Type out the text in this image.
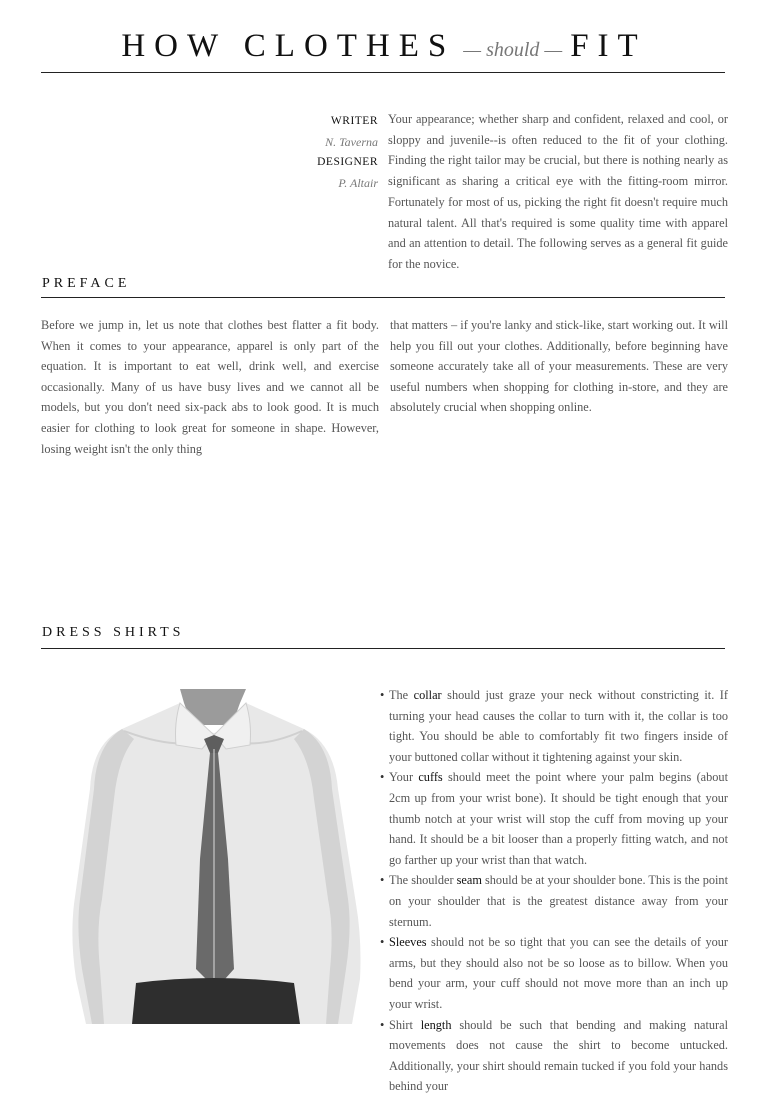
HOW CLOTHES — should — FIT
WRITER
N. Taverna
DESIGNER
P. Altair
Your appearance; whether sharp and confident, relaxed and cool, or sloppy and juvenile--is often reduced to the fit of your clothing. Finding the right tailor may be crucial, but there is nothing nearly as significant as sharing a critical eye with the fitting-room mirror. Fortunately for most of us, picking the right fit doesn't require much natural talent. All that's required is some quality time with apparel and an attention to detail. The following serves as a general fit guide for the novice.
PREFACE
Before we jump in, let us note that clothes best flatter a fit body. When it comes to your appearance, apparel is only part of the equation. It is important to eat well, drink well, and exercise occasionally. Many of us have busy lives and we cannot all be models, but you don't need six-pack abs to look good. It is much easier for clothing to look great for someone in shape. However, losing weight isn't the only thing
that matters – if you're lanky and stick-like, start working out. It will help you fill out your clothes. Additionally, before beginning have someone accurately take all of your measurements. These are very useful numbers when shopping for clothing in-store, and they are absolutely crucial when shopping online.
DRESS SHIRTS
• The collar should just graze your neck without constricting it. If turning your head causes the collar to turn with it, the collar is too tight. You should be able to comfortably fit two fingers inside of your buttoned collar without it tightening against your skin.
• Your cuffs should meet the point where your palm begins (about 2cm up from your wrist bone). It should be tight enough that your thumb notch at your wrist will stop the cuff from moving up your hand. It should be a bit looser than a properly fitting watch, and not go farther up your wrist than that watch.
• The shoulder seam should be at your shoulder bone. This is the point on your shoulder that is the greatest distance away from your sternum.
• Sleeves should not be so tight that you can see the details of your arms, but they should also not be so loose as to billow. When you bend your arm, your cuff should not move more than an inch up your wrist.
• Shirt length should be such that bending and making natural movements does not cause the shirt to become untucked. Additionally, your shirt should remain tucked if you fold your hands behind your
